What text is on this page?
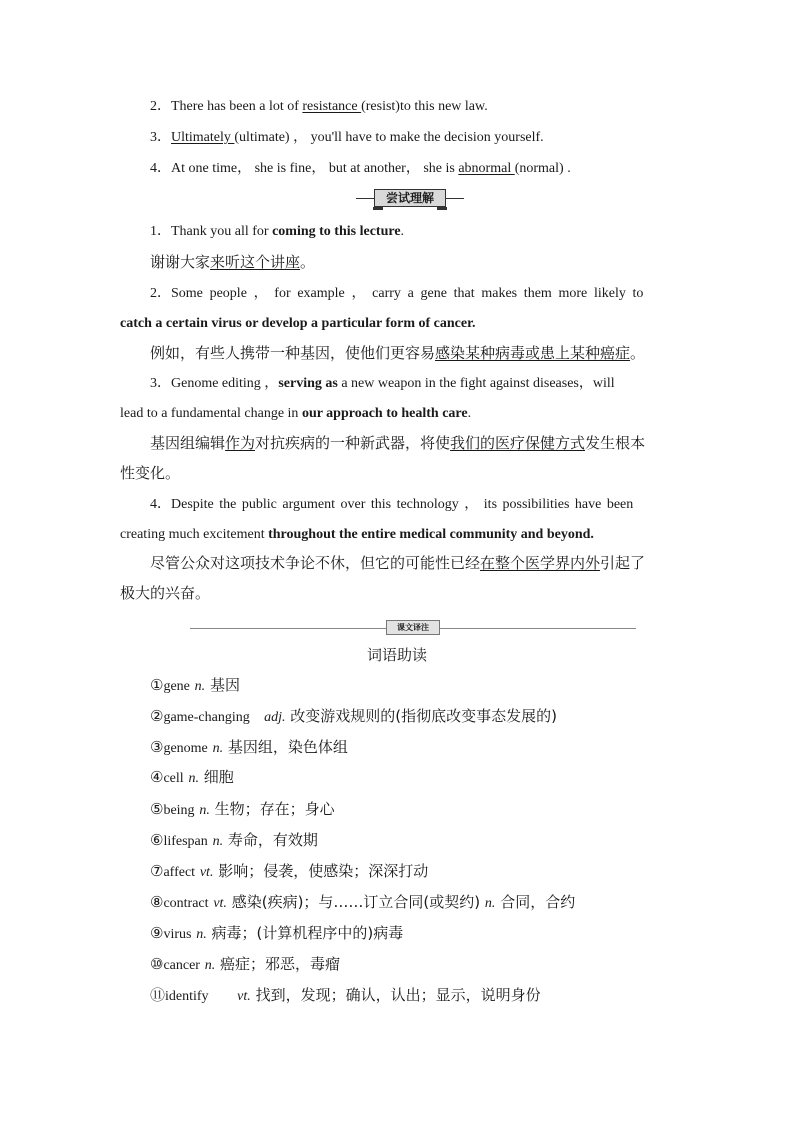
2．There has been a lot of resistance (resist)to this new law.
3．Ultimately (ultimate) ， you'll have to make the decision yourself.
4．At one time， she is fine， but at another， she is abnormal (normal) .
尝试理解
1．Thank you all for coming to this lecture.
谢谢大家来听这个讲座。
2．Some people ， for example ， carry a gene that makes them more likely to
catch a certain virus or develop a particular form of cancer.
例如，有些人携带一种基因，使他们更容易感染某种病毒或患上某种癌症。
3．Genome editing ，serving as a new weapon in the fight against diseases，will
lead to a fundamental change in our approach to health care.
基因组编辑作为对抗疾病的一种新武器，将使我们的医疗保健方式发生根本
性变化。
4．Despite the public argument over this technology ， its possibilities have been
creating much excitement throughout the entire medical community and beyond.
尽管公众对这项技术争论不休，但它的可能性已经在整个医学界内外引起了
极大的兴奋。
课文译注
词语助读
①gene n. 基因
②game-changing adj. 改变游戏规则的(指彻底改变事态发展的)
③genome n. 基因组，染色体组
④cell n. 细胞
⑤being n. 生物；存在；身心
⑥lifespan n. 寿命，有效期
⑦affect vt. 影响；侵袭，使感染；深深打动
⑧contract vt. 感染(疾病)；与……订立合同(或契约) n. 合同，合约
⑨virus n. 病毒；(计算机程序中的)病毒
⑩cancer n. 癌症；邪恶，毒瘤
⑪identify vt. 找到，发现；确认，认出；显示，说明身份
